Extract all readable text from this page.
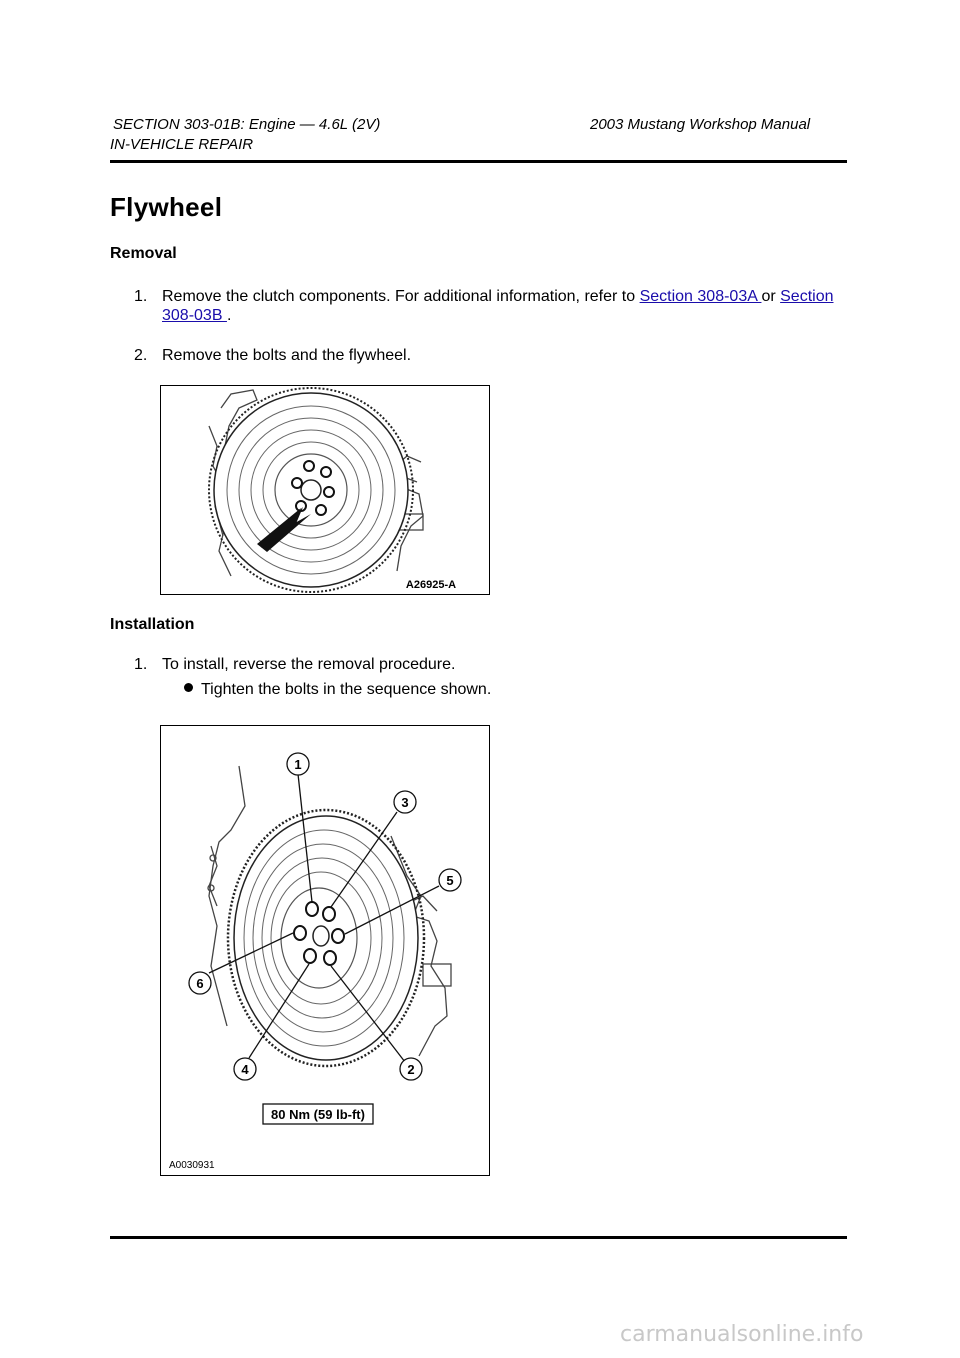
SECTION 303-01B: Engine — 4.6L (2V)	2003 Mustang Workshop Manual
IN-VEHICLE REPAIR
Flywheel
Removal
1. Remove the clutch components. For additional information, refer to Section 308-03A or Section
308-03B .
2. Remove the bolts and the flywheel.
A26925-A
Installation
1. To install, reverse the removal procedure.
Tighten the bolts in the sequence shown.
1
3
5
6
2
4
80 Nm (59 lb-ft)
A0030931
carmanualsonline.info
